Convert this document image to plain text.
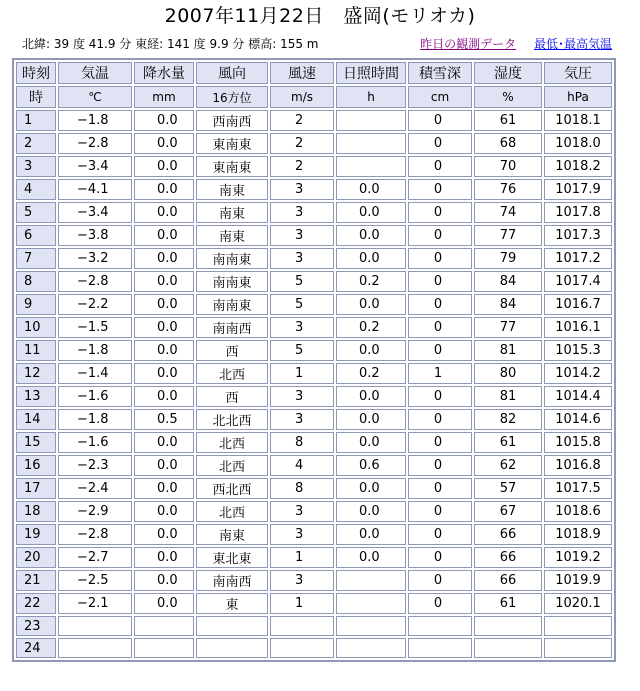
2007年11月22日　盛岡(モリオカ)
北緯: 39 度 41.9 分 東経: 141 度 9.9 分 標高: 155 m	昨日の観測データ 最低･最高気温
時刻	気温	降水量	風向	風速	日照時間	積雪深	湿度	気圧
時	℃	mm	16方位	m/s	h	cm	%	hPa
1	−1.8	0.0	西南西	2		0	61	1018.1
2	−2.8	0.0	東南東	2		0	68	1018.0
3	−3.4	0.0	東南東	2		0	70	1018.2
4	−4.1	0.0	南東	3	0.0	0	76	1017.9
5	−3.4	0.0	南東	3	0.0	0	74	1017.8
6	−3.8	0.0	南東	3	0.0	0	77	1017.3
7	−3.2	0.0	南南東	3	0.0	0	79	1017.2
8	−2.8	0.0	南南東	5	0.2	0	84	1017.4
9	−2.2	0.0	南南東	5	0.0	0	84	1016.7
10	−1.5	0.0	南南西	3	0.2	0	77	1016.1
11	−1.8	0.0	西	5	0.0	0	81	1015.3
12	−1.4	0.0	北西	1	0.2	1	80	1014.2
13	−1.6	0.0	西	3	0.0	0	81	1014.4
14	−1.8	0.5	北北西	3	0.0	0	82	1014.6
15	−1.6	0.0	北西	8	0.0	0	61	1015.8
16	−2.3	0.0	北西	4	0.6	0	62	1016.8
17	−2.4	0.0	西北西	8	0.0	0	57	1017.5
18	−2.9	0.0	北西	3	0.0	0	67	1018.6
19	−2.8	0.0	南東	3	0.0	0	66	1018.9
20	−2.7	0.0	東北東	1	0.0	0	66	1019.2
21	−2.5	0.0	南南西	3		0	66	1019.9
22	−2.1	0.0	東	1		0	61	1020.1
23								
24								
